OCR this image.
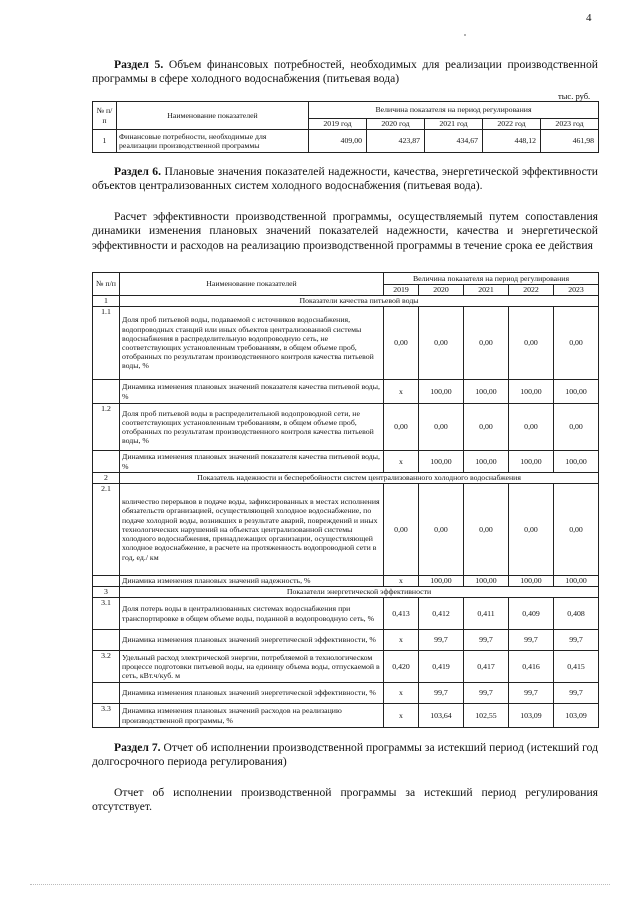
4

Раздел 5. Объем финансовых потребностей, необходимых для реализации производственной программы в сфере холодного водоснабжения (питьевая вода)

тыс. руб.
№ п/п	Наименование показателей	Величина показателя на период регулирования				
		2019 год	2020 год	2021 год	2022 год	2023 год
1	Финансовые потребности, необходимые для реализации производственной программы	409,00	423,87	434,67	448,12	461,98

Раздел 6. Плановые значения показателей надежности, качества, энергетической эффективности объектов централизованных систем холодного водоснабжения (питьевая вода).

Расчет эффективности производственной программы, осуществляемый путем сопоставления динамики изменения плановых значений показателей надежности, качества и энергетической эффективности и расходов на реализацию производственной программы в течение срока ее действия

№ п/п	Наименование показателей	Величина показателя на период регулирования				
		2019	2020	2021	2022	2023
1	Показатели качества питьевой воды					
1.1	Доля проб питьевой воды, подаваемой с источников водоснабжения, водопроводных станций или иных объектов централизованной системы водоснабжения в распределительную водопроводную сеть, не соответствующих установленным требованиям, в общем объеме проб, отобранных по результатам производственного контроля качества питьевой воды, %	0,00	0,00	0,00	0,00	0,00
	Динамика изменения плановых значений показателя качества питьевой воды, %	x	100,00	100,00	100,00	100,00
1.2	Доля проб питьевой воды в распределительной водопроводной сети, не соответствующих установленным требованиям, в общем объеме проб, отобранных по результатам производственного контроля качества питьевой воды, %	0,00	0,00	0,00	0,00	0,00
	Динамика изменения плановых значений показателя качества питьевой воды, %	x	100,00	100,00	100,00	100,00
2	Показатель надежности и бесперебойности систем централизованного холодного водоснабжения					
2.1	количество перерывов в подаче воды, зафиксированных в местах исполнения обязательств организацией, осуществляющей холодное водоснабжение, по подаче холодной воды, возникших в результате аварий, повреждений и иных технологических нарушений на объектах централизованной системы холодного водоснабжения, принадлежащих организации, осуществляющей холодное водоснабжение, в расчете на протяженность водопроводной сети в год, ед./ км	0,00	0,00	0,00	0,00	0,00
	Динамика изменения плановых значений надежность, %	x	100,00	100,00	100,00	100,00
3	Показатели энергетической эффективности					
3.1	Доля потерь воды в централизованных системах водоснабжения при транспортировке в общем объеме воды, поданной в водопроводную сеть, %	0,413	0,412	0,411	0,409	0,408
	Динамика изменения плановых значений энергетической эффективности, %	x	99,7	99,7	99,7	99,7
3.2	Удельный расход электрической энергии, потребляемой в технологическом процессе подготовки питьевой воды, на единицу объема воды, отпускаемой в сеть, кВт.ч/куб. м	0,420	0,419	0,417	0,416	0,415
	Динамика изменения плановых значений энергетической эффективности, %	x	99,7	99,7	99,7	99,7
3.3	Динамика изменения плановых значений расходов на реализацию производственной программы, %	x	103,64	102,55	103,09	103,09

Раздел 7. Отчет об исполнении производственной программы за истекший период (истекший год долгосрочного периода регулирования)

Отчет об исполнении производственной программы за истекший период регулирования отсутствует.
